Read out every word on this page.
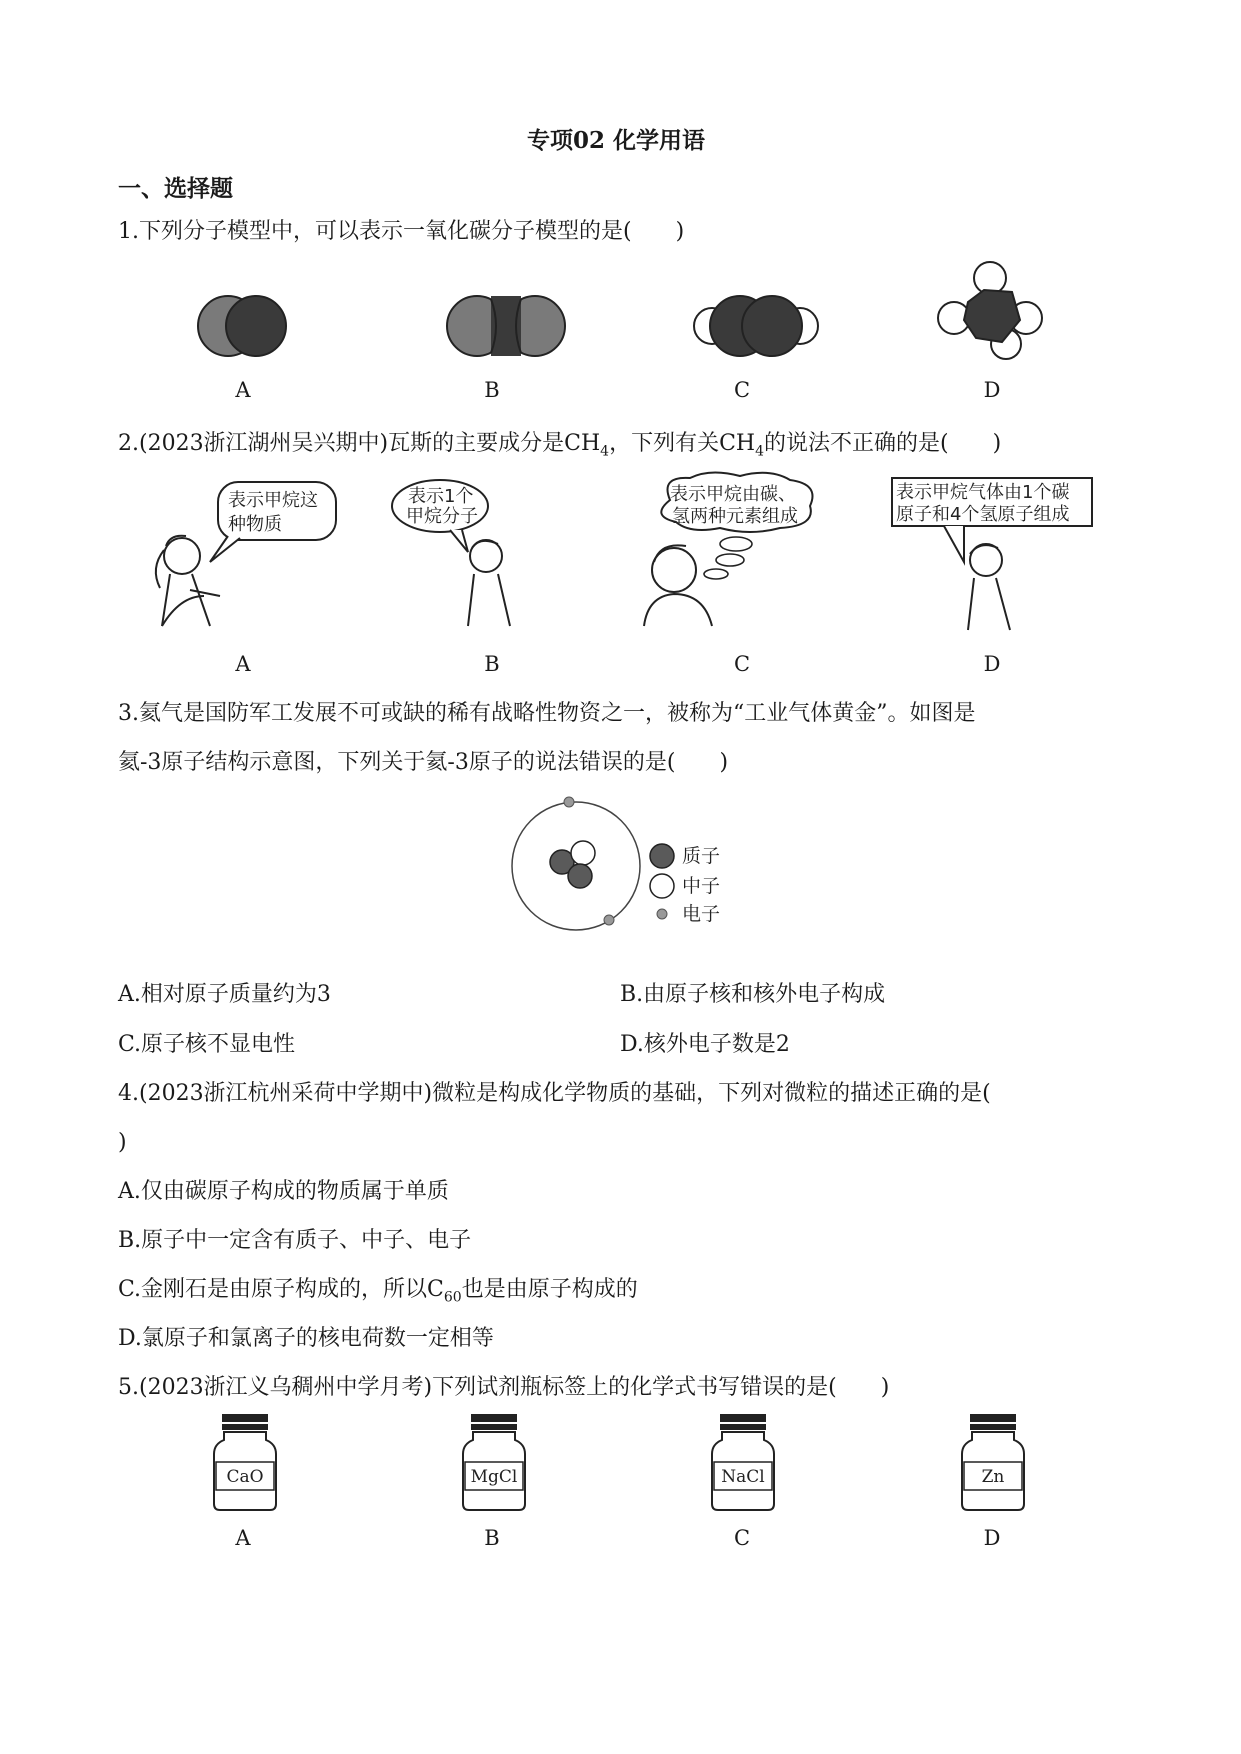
专项02 化学用语
一、选择题
1.下列分子模型中，可以表示一氧化碳分子模型的是(　　)
A	B	C	D
2.(2023浙江湖州吴兴期中)瓦斯的主要成分是$CH_4$，下列有关$CH_4$的说法不正确的是(　　)
表示甲烷这
种物质
表示1个
甲烷分子
表示甲烷由碳、
氢两种元素组成
表示甲烷气体由1个碳
原子和4个氢原子组成
A	B	C	D
3.氦气是国防军工发展不可或缺的稀有战略性物资之一，被称为“工业气体黄金”。如图是
氦-3原子结构示意图，下列关于氦-3原子的说法错误的是(　　)
质子
中子
电子
A.相对原子质量约为3	B.由原子核和核外电子构成
C.原子核不显电性	D.核外电子数是2
4.(2023浙江杭州采荷中学期中)微粒是构成化学物质的基础，下列对微粒的描述正确的是(
)
A.仅由碳原子构成的物质属于单质
B.原子中一定含有质子、中子、电子
C.金刚石是由原子构成的，所以$C_{60}$也是由原子构成的
D.氯原子和氯离子的核电荷数一定相等
5.(2023浙江义乌稠州中学月考)下列试剂瓶标签上的化学式书写错误的是(　　)
CaO	MgCl	NaCl	Zn
A	B	C	D
